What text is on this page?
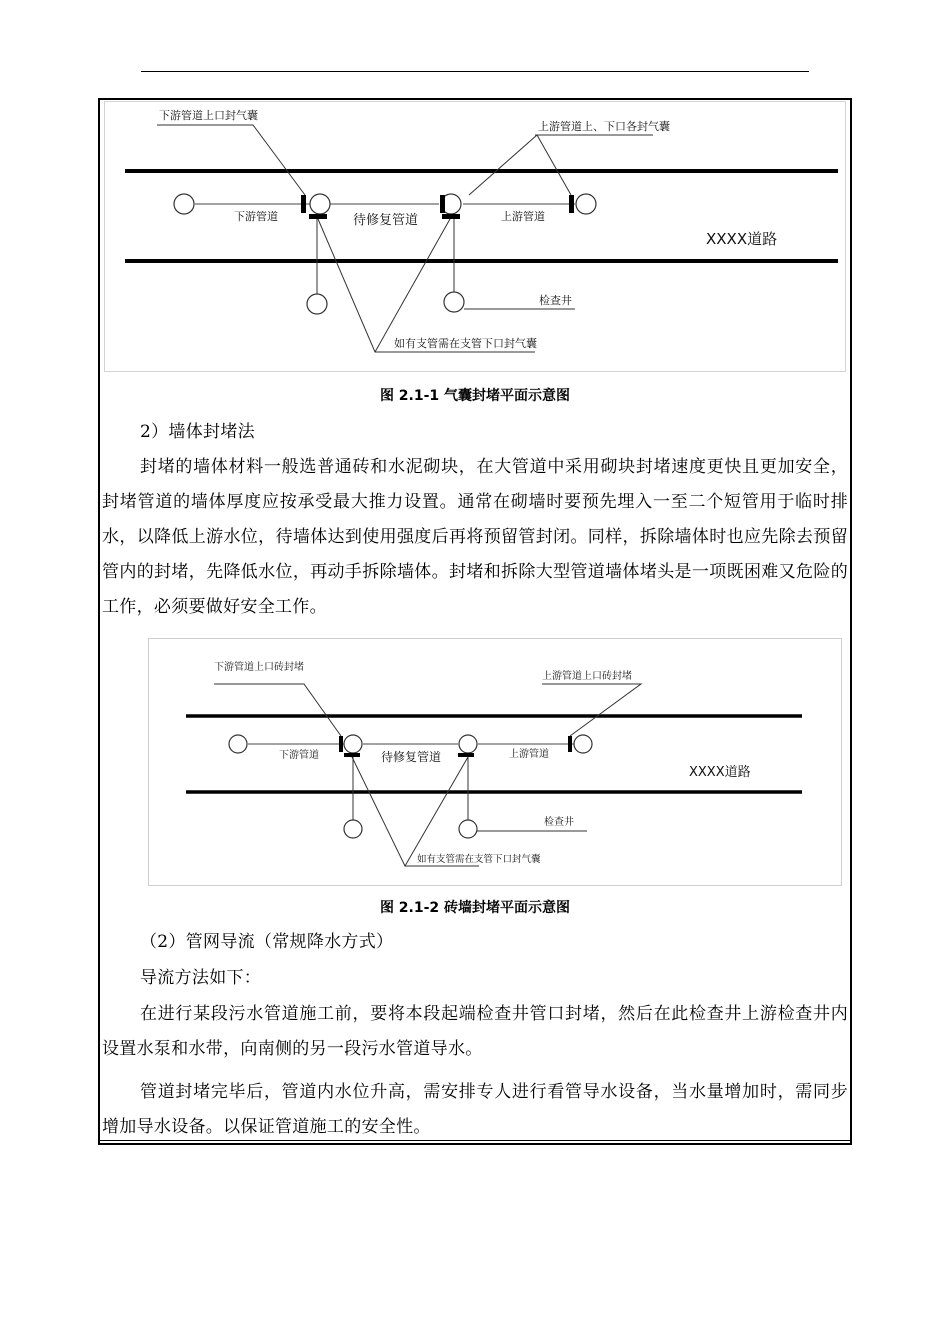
下游管道上口封气囊
上游管道上、下口各封气囊
下游管道	待修复管道	上游管道
XXXX道路
检查井
如有支管需在支管下口封气囊
图 2.1-1 气囊封堵平面示意图
2）墙体封堵法
封堵的墙体材料一般选普通砖和水泥砌块，在大管道中采用砌块封堵速度更快且更加安全，封堵管道的墙体厚度应按承受最大推力设置。通常在砌墙时要预先埋入一至二个短管用于临时排水，以降低上游水位，待墙体达到使用强度后再将预留管封闭。同样，拆除墙体时也应先除去预留管内的封堵，先降低水位，再动手拆除墙体。封堵和拆除大型管道墙体堵头是一项既困难又危险的工作，必须要做好安全工作。
下游管道上口砖封堵
上游管道上口砖封堵
下游管道	待修复管道	上游管道
XXXX道路
检查井
如有支管需在支管下口封气囊
图 2.1-2 砖墙封堵平面示意图
（2）管网导流（常规降水方式）
导流方法如下：
在进行某段污水管道施工前，要将本段起端检查井管口封堵，然后在此检查井上游检查井内设置水泵和水带，向南侧的另一段污水管道导水。
管道封堵完毕后，管道内水位升高，需安排专人进行看管导水设备，当水量增加时，需同步增加导水设备。以保证管道施工的安全性。
